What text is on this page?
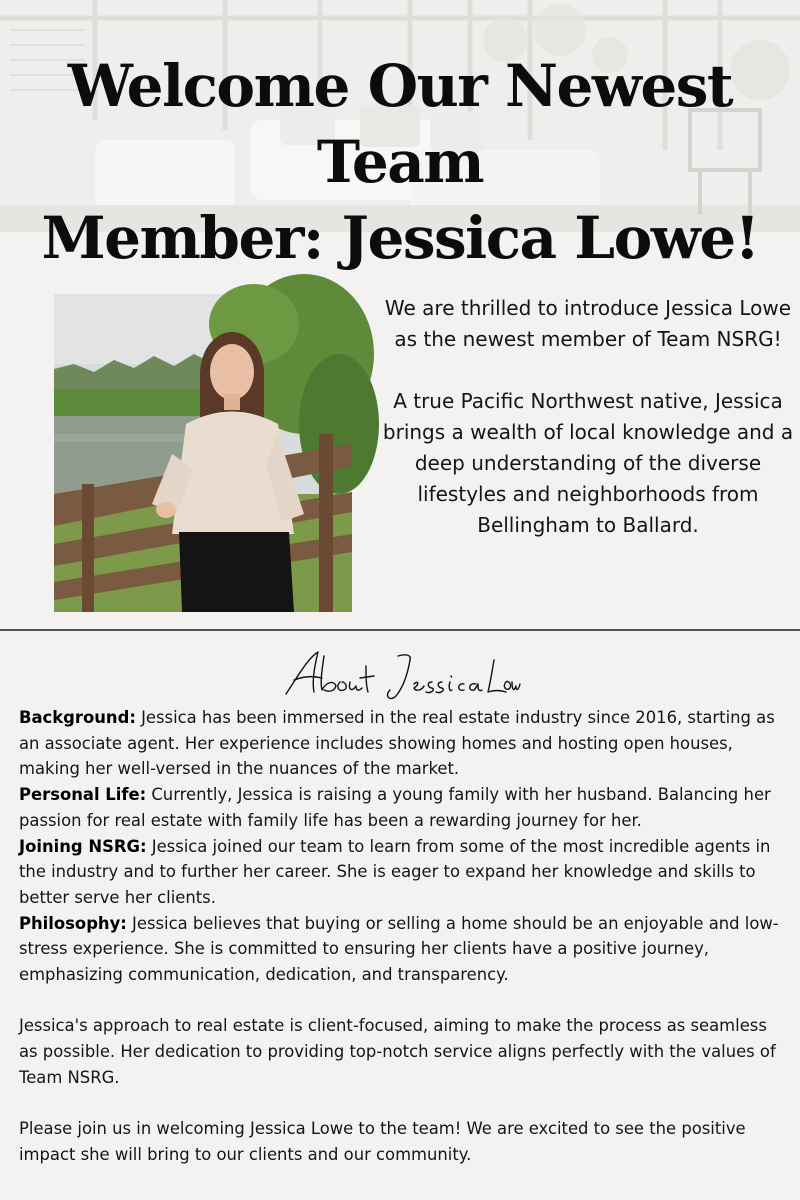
Welcome Our Newest Team
Member: Jessica Lowe!

We are thrilled to introduce Jessica Lowe as the newest member of Team NSRG!

A true Pacific Northwest native, Jessica brings a wealth of local knowledge and a deep understanding of the diverse lifestyles and neighborhoods from Bellingham to Ballard.

Background: Jessica has been immersed in the real estate industry since 2016, starting as an associate agent. Her experience includes showing homes and hosting open houses, making her well-versed in the nuances of the market.

Personal Life: Currently, Jessica is raising a young family with her husband. Balancing her passion for real estate with family life has been a rewarding journey for her.

Joining NSRG: Jessica joined our team to learn from some of the most incredible agents in the industry and to further her career. She is eager to expand her knowledge and skills to better serve her clients.

Philosophy: Jessica believes that buying or selling a home should be an enjoyable and low-stress experience. She is committed to ensuring her clients have a positive journey, emphasizing communication, dedication, and transparency.

Jessica's approach to real estate is client-focused, aiming to make the process as seamless as possible. Her dedication to providing top-notch service aligns perfectly with the values of Team NSRG.

Please join us in welcoming Jessica Lowe to the team! We are excited to see the positive impact she will bring to our clients and our community.
